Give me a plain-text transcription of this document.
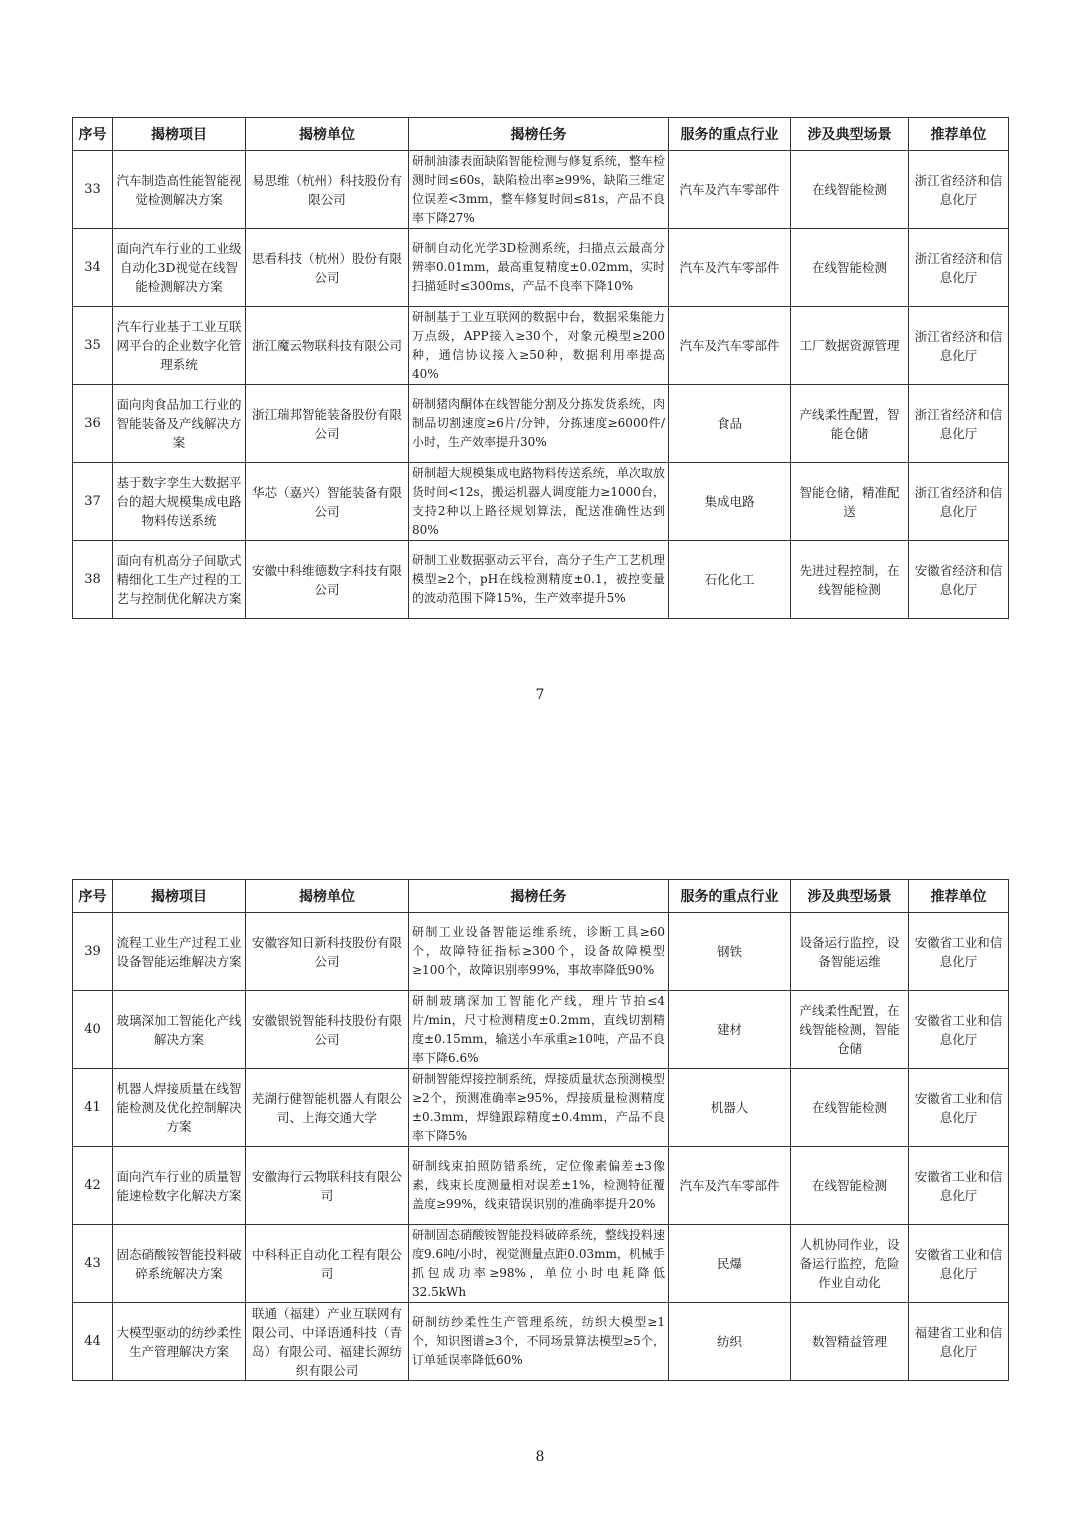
序号	揭榜项目	揭榜单位	揭榜任务	服务的重点行业	涉及典型场景	推荐单位
33	汽车制造高性能智能视觉检测解决方案	易思维（杭州）科技股份有限公司	研制油漆表面缺陷智能检测与修复系统，整车检测时间≤60s，缺陷检出率≥99%，缺陷三维定位误差<3mm，整车修复时间≤81s，产品不良率下降27%	汽车及汽车零部件	在线智能检测	浙江省经济和信息化厅
34	面向汽车行业的工业级自动化3D视觉在线智能检测解决方案	思看科技（杭州）股份有限公司	研制自动化光学3D检测系统，扫描点云最高分辨率0.01mm，最高重复精度±0.02mm，实时扫描延时≤300ms，产品不良率下降10%	汽车及汽车零部件	在线智能检测	浙江省经济和信息化厅
35	汽车行业基于工业互联网平台的企业数字化管理系统	浙江魔云物联科技有限公司	研制基于工业互联网的数据中台，数据采集能力万点级，APP接入≥30个，对象元模型≥200种，通信协议接入≥50种，数据利用率提高40%	汽车及汽车零部件	工厂数据资源管理	浙江省经济和信息化厅
36	面向肉食品加工行业的智能装备及产线解决方案	浙江瑞邦智能装备股份有限公司	研制猪肉酮体在线智能分割及分拣发货系统，肉制品切割速度≥6片/分钟，分拣速度≥6000件/小时，生产效率提升30%	食品	产线柔性配置，智能仓储	浙江省经济和信息化厅
37	基于数字孪生大数据平台的超大规模集成电路物料传送系统	华芯（嘉兴）智能装备有限公司	研制超大规模集成电路物料传送系统，单次取放货时间<12s，搬运机器人调度能力≥1000台，支持2种以上路径规划算法，配送准确性达到80%	集成电路	智能仓储，精准配送	浙江省经济和信息化厅
38	面向有机高分子间歇式精细化工生产过程的工艺与控制优化解决方案	安徽中科维德数字科技有限公司	研制工业数据驱动云平台，高分子生产工艺机理模型≥2个，pH在线检测精度±0.1，被控变量的波动范围下降15%，生产效率提升5%	石化化工	先进过程控制，在线智能检测	安徽省经济和信息化厅
7
序号	揭榜项目	揭榜单位	揭榜任务	服务的重点行业	涉及典型场景	推荐单位
39	流程工业生产过程工业设备智能运维解决方案	安徽容知日新科技股份有限公司	研制工业设备智能运维系统，诊断工具≥60个，故障特征指标≥300个，设备故障模型≥100个，故障识别率99%，事故率降低90%	钢铁	设备运行监控，设备智能运维	安徽省工业和信息化厅
40	玻璃深加工智能化产线解决方案	安徽银锐智能科技股份有限公司	研制玻璃深加工智能化产线，理片节拍≤4片/min，尺寸检测精度±0.2mm，直线切割精度±0.15mm，输送小车承重≥10吨，产品不良率下降6.6%	建材	产线柔性配置，在线智能检测，智能仓储	安徽省工业和信息化厅
41	机器人焊接质量在线智能检测及优化控制解决方案	芜湖行健智能机器人有限公司、上海交通大学	研制智能焊接控制系统，焊接质量状态预测模型≥2个，预测准确率≥95%，焊接质量检测精度±0.3mm，焊缝跟踪精度±0.4mm，产品不良率下降5%	机器人	在线智能检测	安徽省工业和信息化厅
42	面向汽车行业的质量智能速检数字化解决方案	安徽海行云物联科技有限公司	研制线束拍照防错系统，定位像素偏差±3像素，线束长度测量相对误差±1%，检测特征覆盖度≥99%，线束错误识别的准确率提升20%	汽车及汽车零部件	在线智能检测	安徽省工业和信息化厅
43	固态硝酸铵智能投料破碎系统解决方案	中科科正自动化工程有限公司	研制固态硝酸铵智能投料破碎系统，整线投料速度9.6吨/小时，视觉测量点距0.03mm，机械手抓包成功率≥98%，单位小时电耗降低32.5kWh	民爆	人机协同作业，设备运行监控，危险作业自动化	安徽省工业和信息化厅
44	大模型驱动的纺纱柔性生产管理解决方案	联通（福建）产业互联网有限公司、中译语通科技（青岛）有限公司、福建长源纺织有限公司	研制纺纱柔性生产管理系统，纺织大模型≥1个，知识图谱≥3个，不同场景算法模型≥5个，订单延误率降低60%	纺织	数智精益管理	福建省工业和信息化厅
8
